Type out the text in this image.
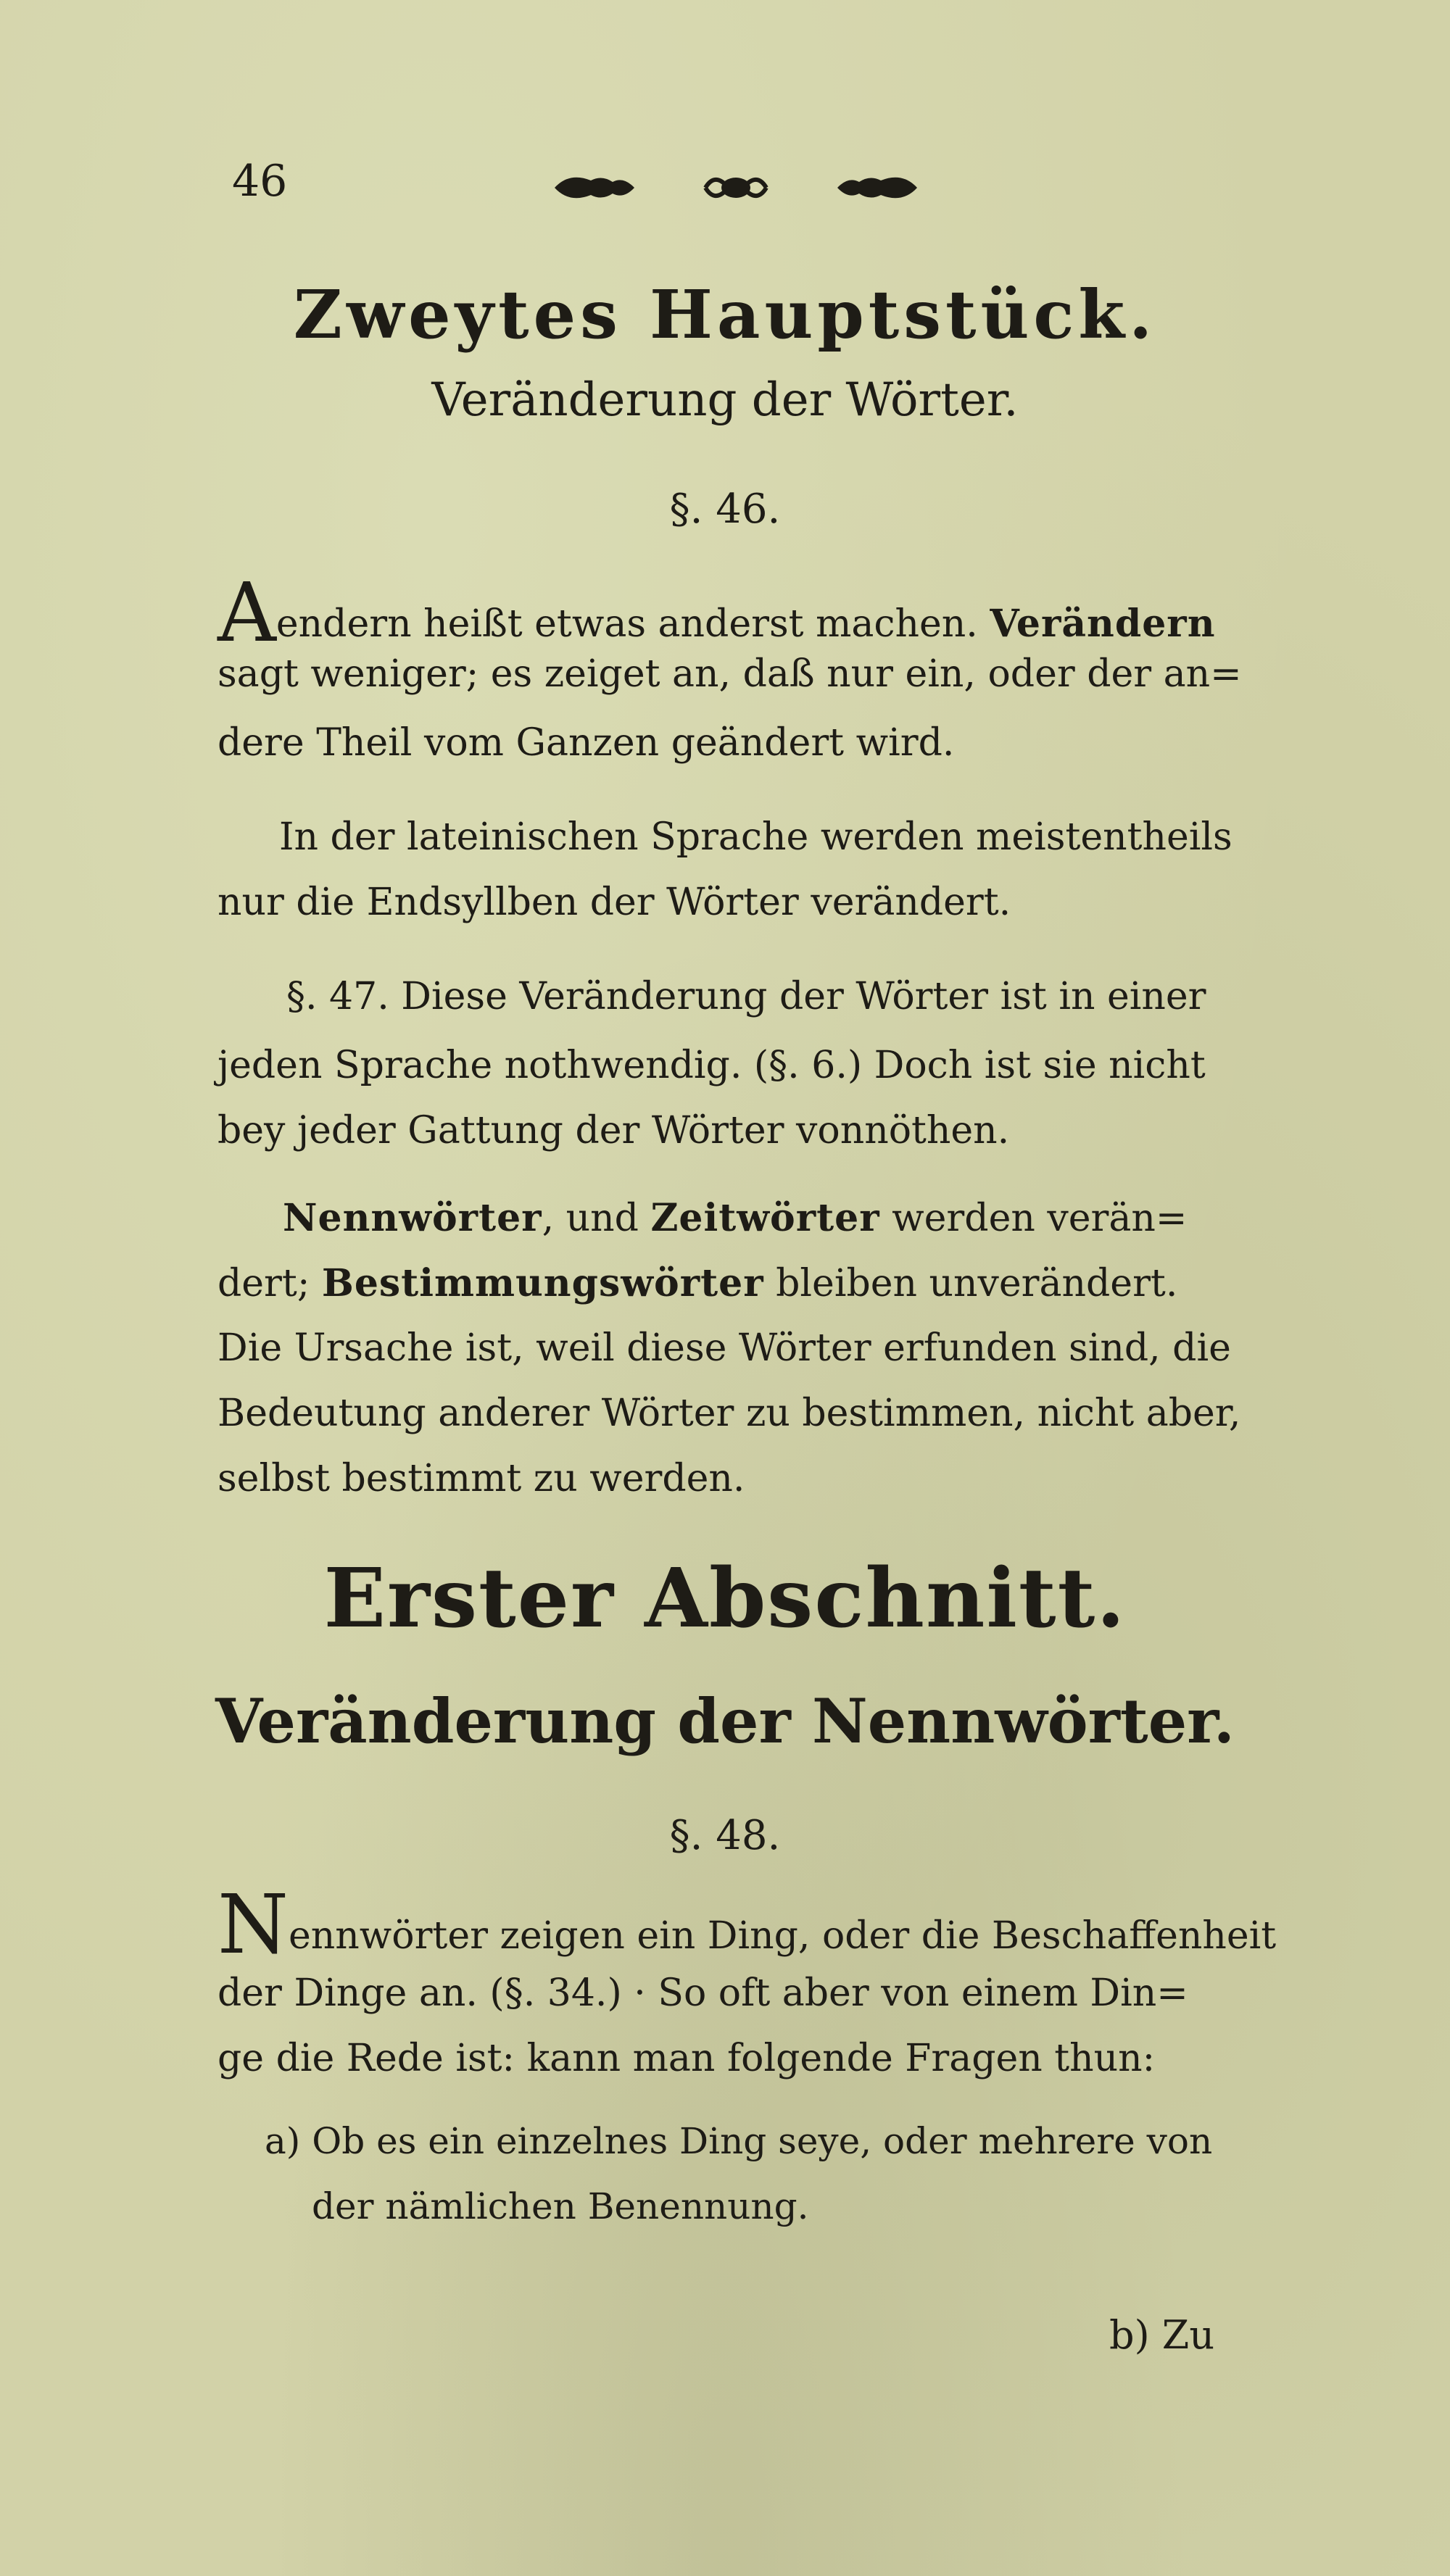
46
Zweytes Hauptstück.
Veränderung der Wörter.
§. 46.
Aendern heißt etwas anderst machen. Verändern
sagt weniger; es zeiget an, daß nur ein, oder der an=
dere Theil vom Ganzen geändert wird.
In der lateinischen Sprache werden meistentheils
nur die Endsyllben der Wörter verändert.
§. 47. Diese Veränderung der Wörter ist in einer
jeden Sprache nothwendig. (§. 6.) Doch ist sie nicht
bey jeder Gattung der Wörter vonnöthen.
Nennwörter, und Zeitwörter werden verän=
dert; Bestimmungswörter bleiben unverändert.
Die Ursache ist, weil diese Wörter erfunden sind, die
Bedeutung anderer Wörter zu bestimmen, nicht aber,
selbst bestimmt zu werden.
Erster Abschnitt.
Veränderung der Nennwörter.
§. 48.
Nennwörter zeigen ein Ding, oder die Beschaffenheit
der Dinge an. (§. 34.) · So oft aber von einem Din=
ge die Rede ist: kann man folgende Fragen thun:
a) Ob es ein einzelnes Ding seye, oder mehrere von
der nämlichen Benennung.
b) Zu
